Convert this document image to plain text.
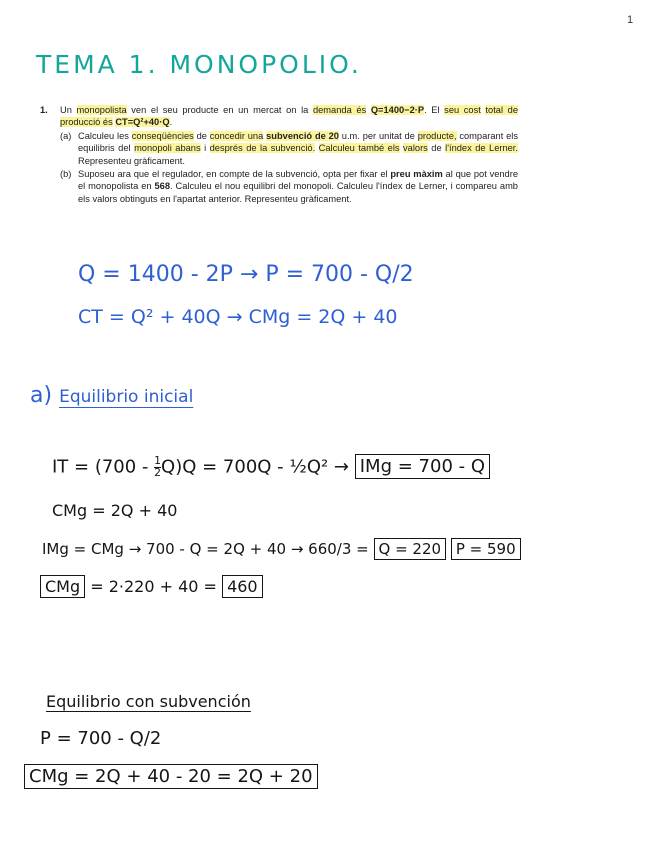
1
TEMA 1. MONOPOLIO.
1. Un monopolista ven el seu producte en un mercat on la demanda és Q=1400−2·P. El seu cost total de producció és CT=Q²+40·Q.
(a) Calculeu les conseqüències de concedir una subvenció de 20 u.m. per unitat de producte, comparant els equilibris del monopoli abans i després de la subvenció. Calculeu també els valors de l'índex de Lerner. Representeu gràficament.
(b) Suposeu ara que el regulador, en compte de la subvenció, opta per fixar el preu màxim al que pot vendre el monopolista en 568. Calculeu el nou equilibri del monopoli. Calculeu l'índex de Lerner, i compareu amb els valors obtinguts en l'apartat anterior. Representeu gràficament.
Q = 1400 - 2P → P = 700 - Q/2
CT = Q² + 40Q → CMg = 2Q + 40
a) Equilibrio inicial
IT = $(700 - \frac{1}{2} Q)Q = 700Q$ - ½Q² → IMg = 700 - Q
CMg = 2Q + 40
IMg = CMg → 700 - Q = 2Q + 40 → 660/3 = Q = 220 P = 590
CMg = 2·220 + 40 = 460
Equilibrio con subvención
P = 700 - Q/2
CMg = 2Q + 40 - 20 = 2Q + 20
